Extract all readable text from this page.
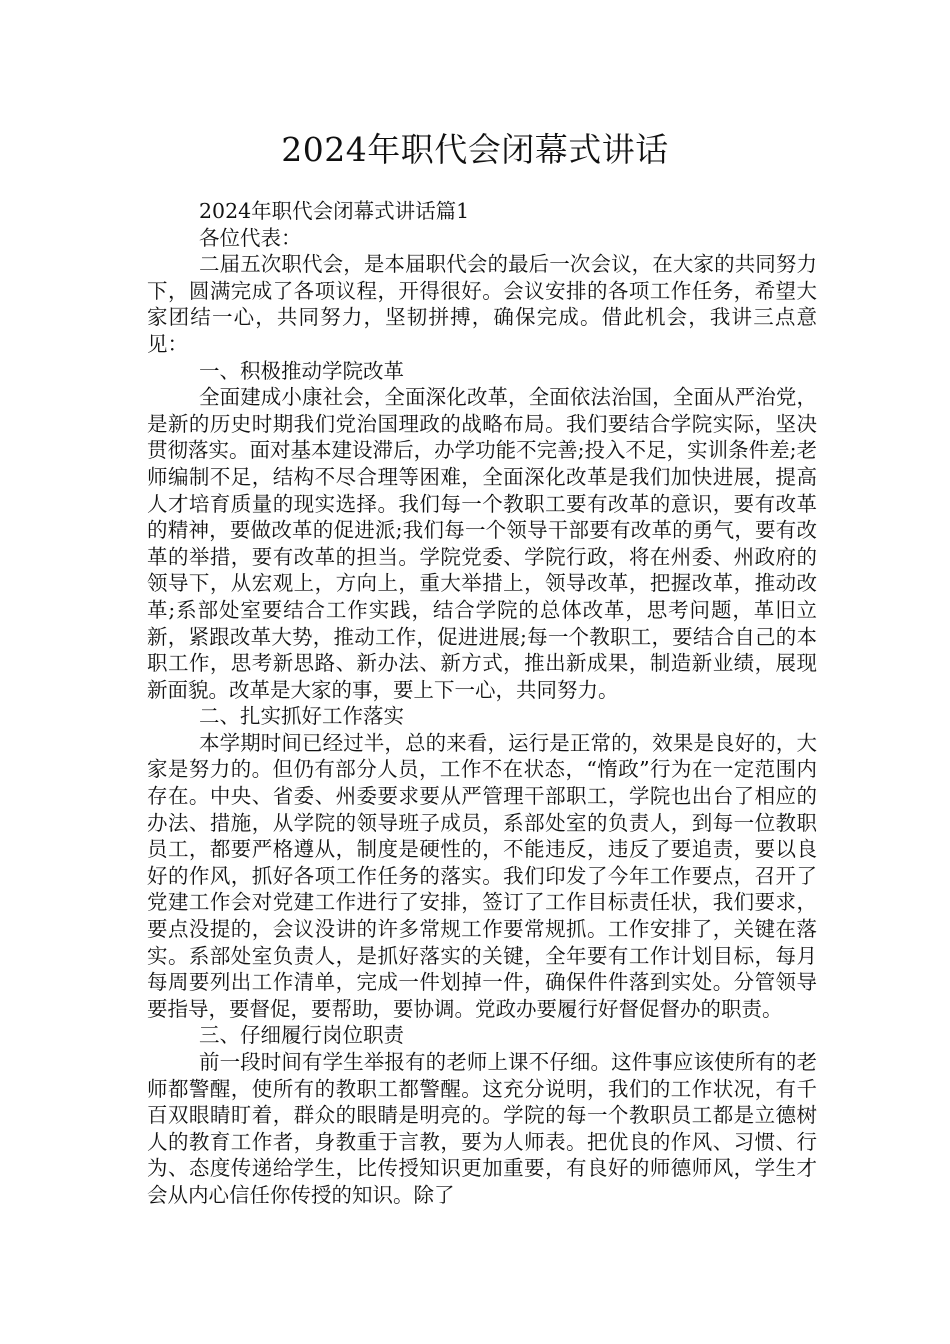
2024年职代会闭幕式讲话

2024年职代会闭幕式讲话篇1

各位代表：

二届五次职代会，是本届职代会的最后一次会议，在大家的共同努力下，圆满完成了各项议程，开得很好。会议安排的各项工作任务，希望大家团结一心，共同努力，坚韧拼搏，确保完成。借此机会，我讲三点意见：

一、积极推动学院改革

全面建成小康社会，全面深化改革，全面依法治国，全面从严治党，是新的历史时期我们党治国理政的战略布局。我们要结合学院实际，坚决贯彻落实。面对基本建设滞后，办学功能不完善;投入不足，实训条件差;老师编制不足，结构不尽合理等困难，全面深化改革是我们加快进展，提高人才培育质量的现实选择。我们每一个教职工要有改革的意识，要有改革的精神，要做改革的促进派;我们每一个领导干部要有改革的勇气，要有改革的举措，要有改革的担当。学院党委、学院行政，将在州委、州政府的领导下，从宏观上，方向上，重大举措上，领导改革，把握改革，推动改革;系部处室要结合工作实践，结合学院的总体改革，思考问题，革旧立新，紧跟改革大势，推动工作，促进进展;每一个教职工，要结合自己的本职工作，思考新思路、新办法、新方式，推出新成果，制造新业绩，展现新面貌。改革是大家的事，要上下一心，共同努力。

二、扎实抓好工作落实

本学期时间已经过半，总的来看，运行是正常的，效果是良好的，大家是努力的。但仍有部分人员，工作不在状态，“惰政”行为在一定范围内存在。中央、省委、州委要求要从严管理干部职工，学院也出台了相应的办法、措施，从学院的领导班子成员，系部处室的负责人，到每一位教职员工，都要严格遵从，制度是硬性的，不能违反，违反了要追责，要以良好的作风，抓好各项工作任务的落实。我们印发了今年工作要点，召开了党建工作会对党建工作进行了安排，签订了工作目标责任状，我们要求，要点没提的，会议没讲的许多常规工作要常规抓。工作安排了，关键在落实。系部处室负责人，是抓好落实的关键，全年要有工作计划目标，每月每周要列出工作清单，完成一件划掉一件，确保件件落到实处。分管领导要指导，要督促，要帮助，要协调。党政办要履行好督促督办的职责。

三、仔细履行岗位职责

前一段时间有学生举报有的老师上课不仔细。这件事应该使所有的老师都警醒，使所有的教职工都警醒。这充分说明，我们的工作状况，有千百双眼睛盯着，群众的眼睛是明亮的。学院的每一个教职员工都是立德树人的教育工作者，身教重于言教，要为人师表。把优良的作风、习惯、行为、态度传递给学生，比传授知识更加重要，有良好的师德师风，学生才会从内心信任你传授的知识。除了
